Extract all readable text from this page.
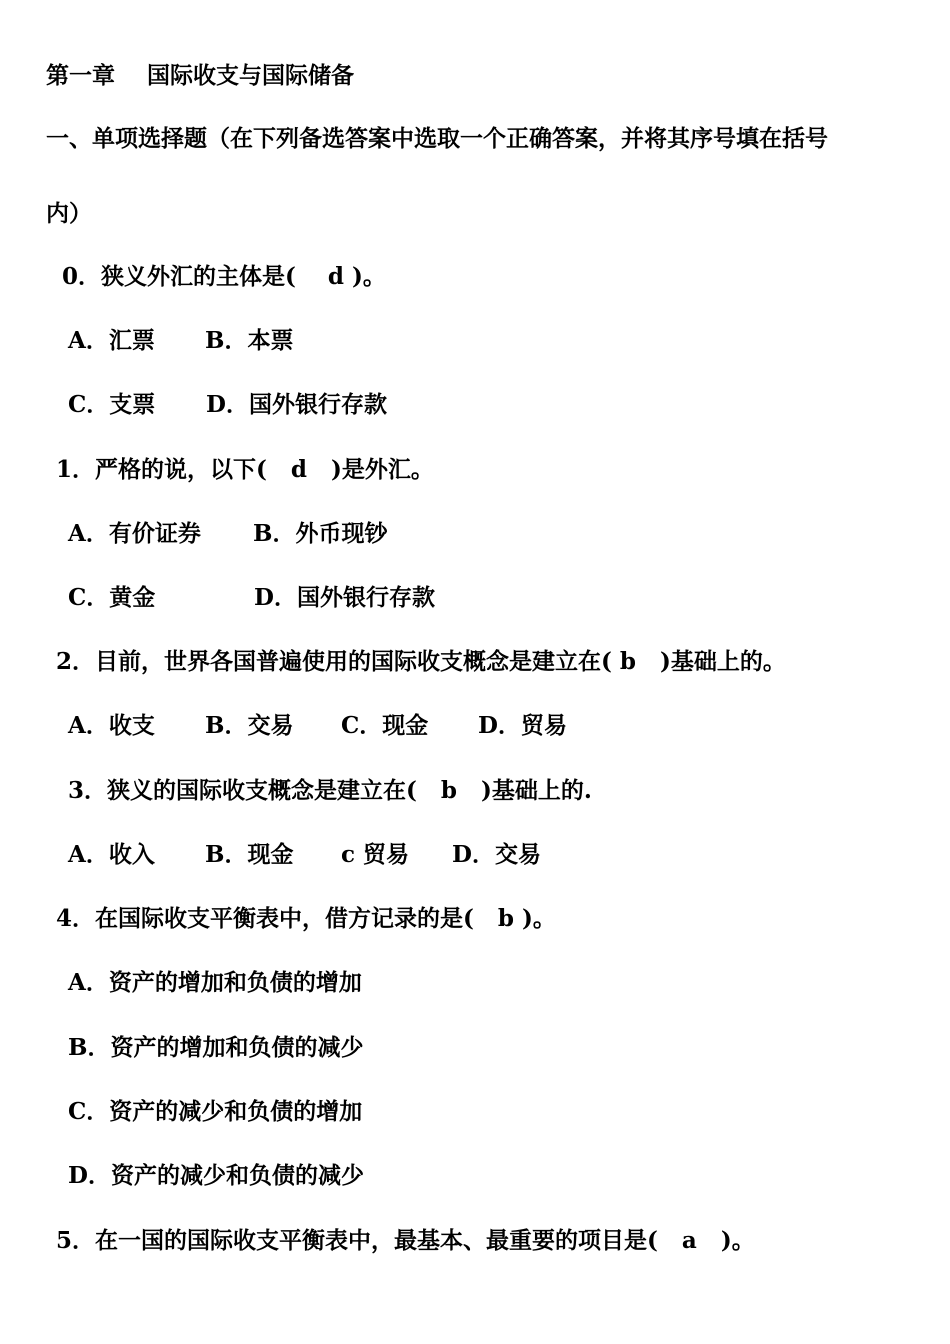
第一章    国际收支与国际储备
一、单项选择题（在下列备选答案中选取一个正确答案，并将其序号填在括号
内）
0．狭义外汇的主体是(    d )。
A．汇票 B．本票
C．支票 D．国外银行存款
1．严格的说，以下(   d   )是外汇。
A．有价证券 B．外币现钞
C．黄金	D．国外银行存款
2．目前，世界各国普遍使用的国际收支概念是建立在( b   )基础上的。
A．收支 B．交易 C．现金 D．贸易
3．狭义的国际收支概念是建立在(   b   )基础上的.
A．收入 B．现金 c 贸易 D．交易
4．在国际收支平衡表中，借方记录的是(   b )。
A．资产的增加和负债的增加
B．资产的增加和负债的减少
C．资产的减少和负债的增加
D．资产的减少和负债的减少
5．在一国的国际收支平衡表中，最基本、最重要的项目是(   a   )。
